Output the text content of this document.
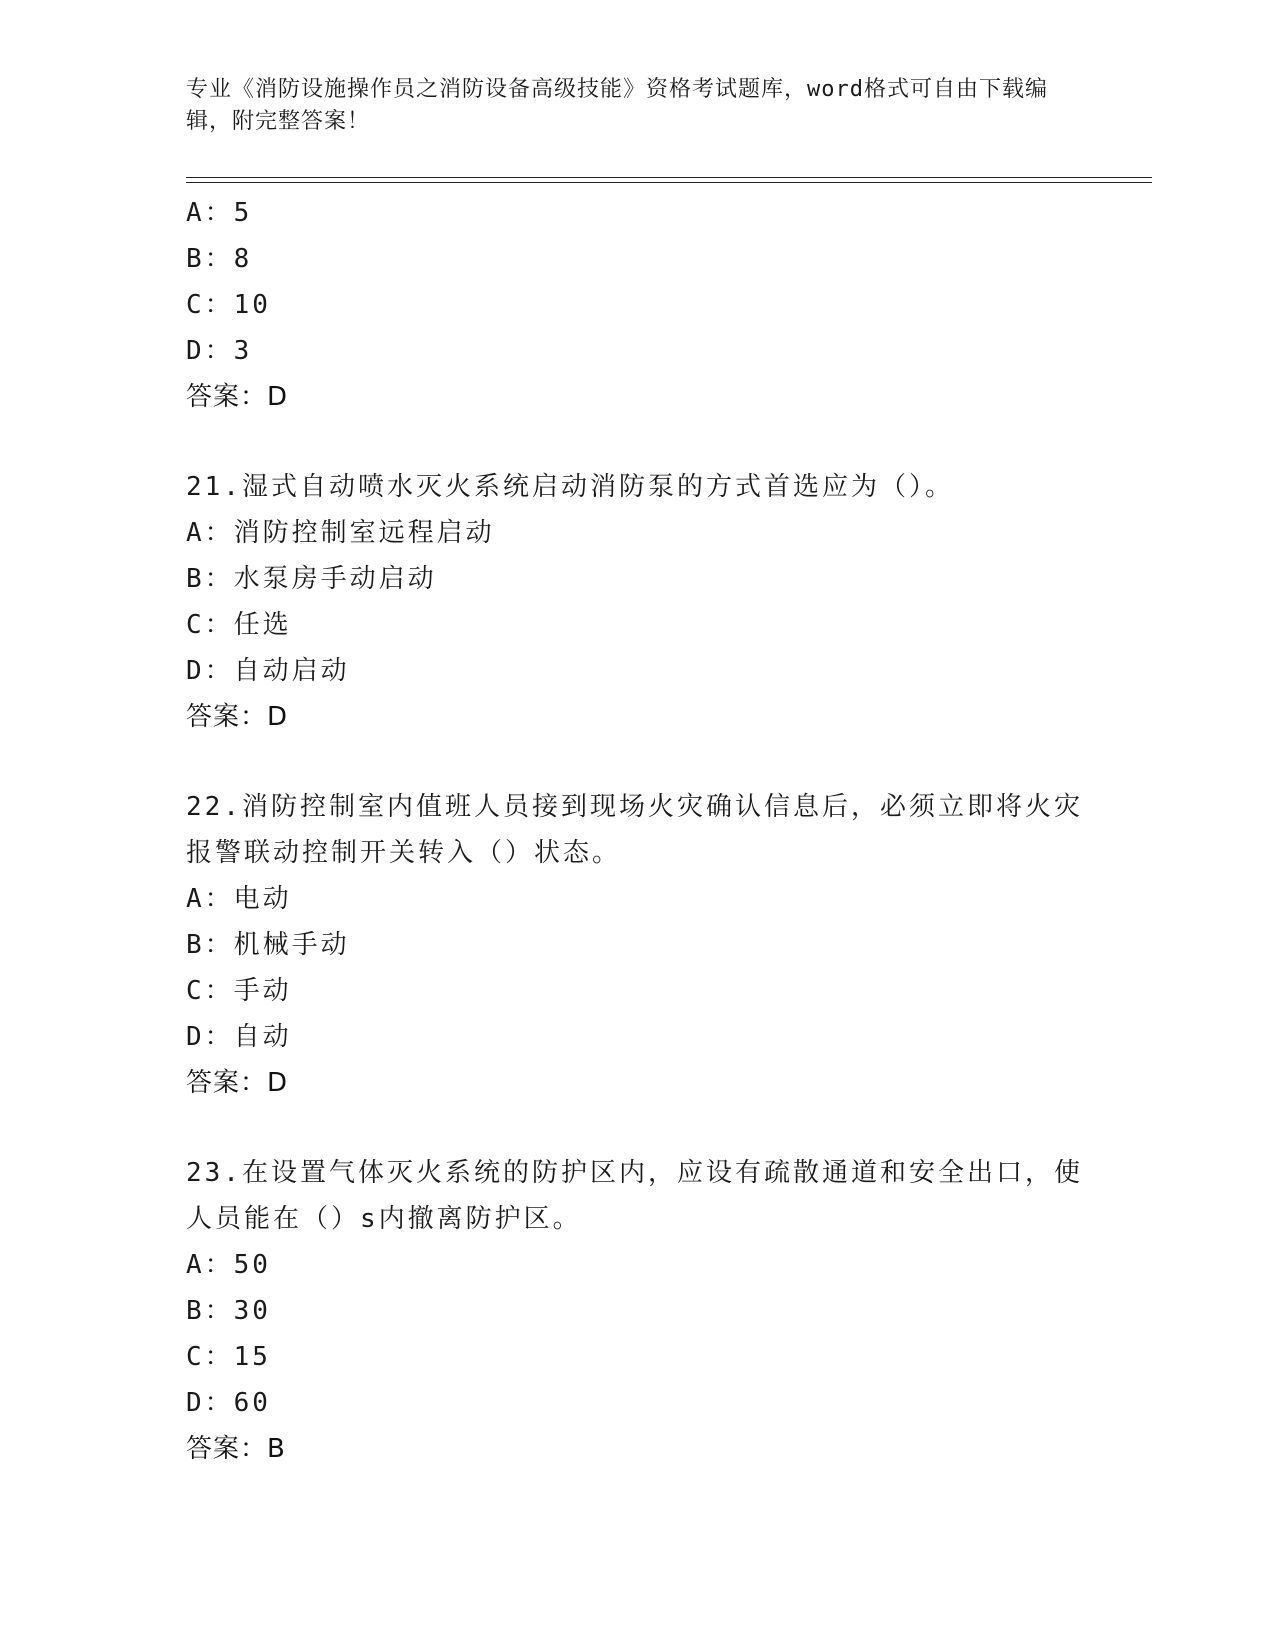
专业《消防设施操作员之消防设备高级技能》资格考试题库，word格式可自由下载编辑，附完整答案！
A：5
B：8
C：10
D：3
答案：D
21.湿式自动喷水灭火系统启动消防泵的方式首选应为（）。
A：消防控制室远程启动
B：水泵房手动启动
C：任选
D：自动启动
答案：D
22.消防控制室内值班人员接到现场火灾确认信息后，必须立即将火灾报警联动控制开关转入（）状态。
A：电动
B：机械手动
C：手动
D：自动
答案：D
23.在设置气体灭火系统的防护区内，应设有疏散通道和安全出口，使人员能在（）s内撤离防护区。
A：50
B：30
C：15
D：60
答案：B
